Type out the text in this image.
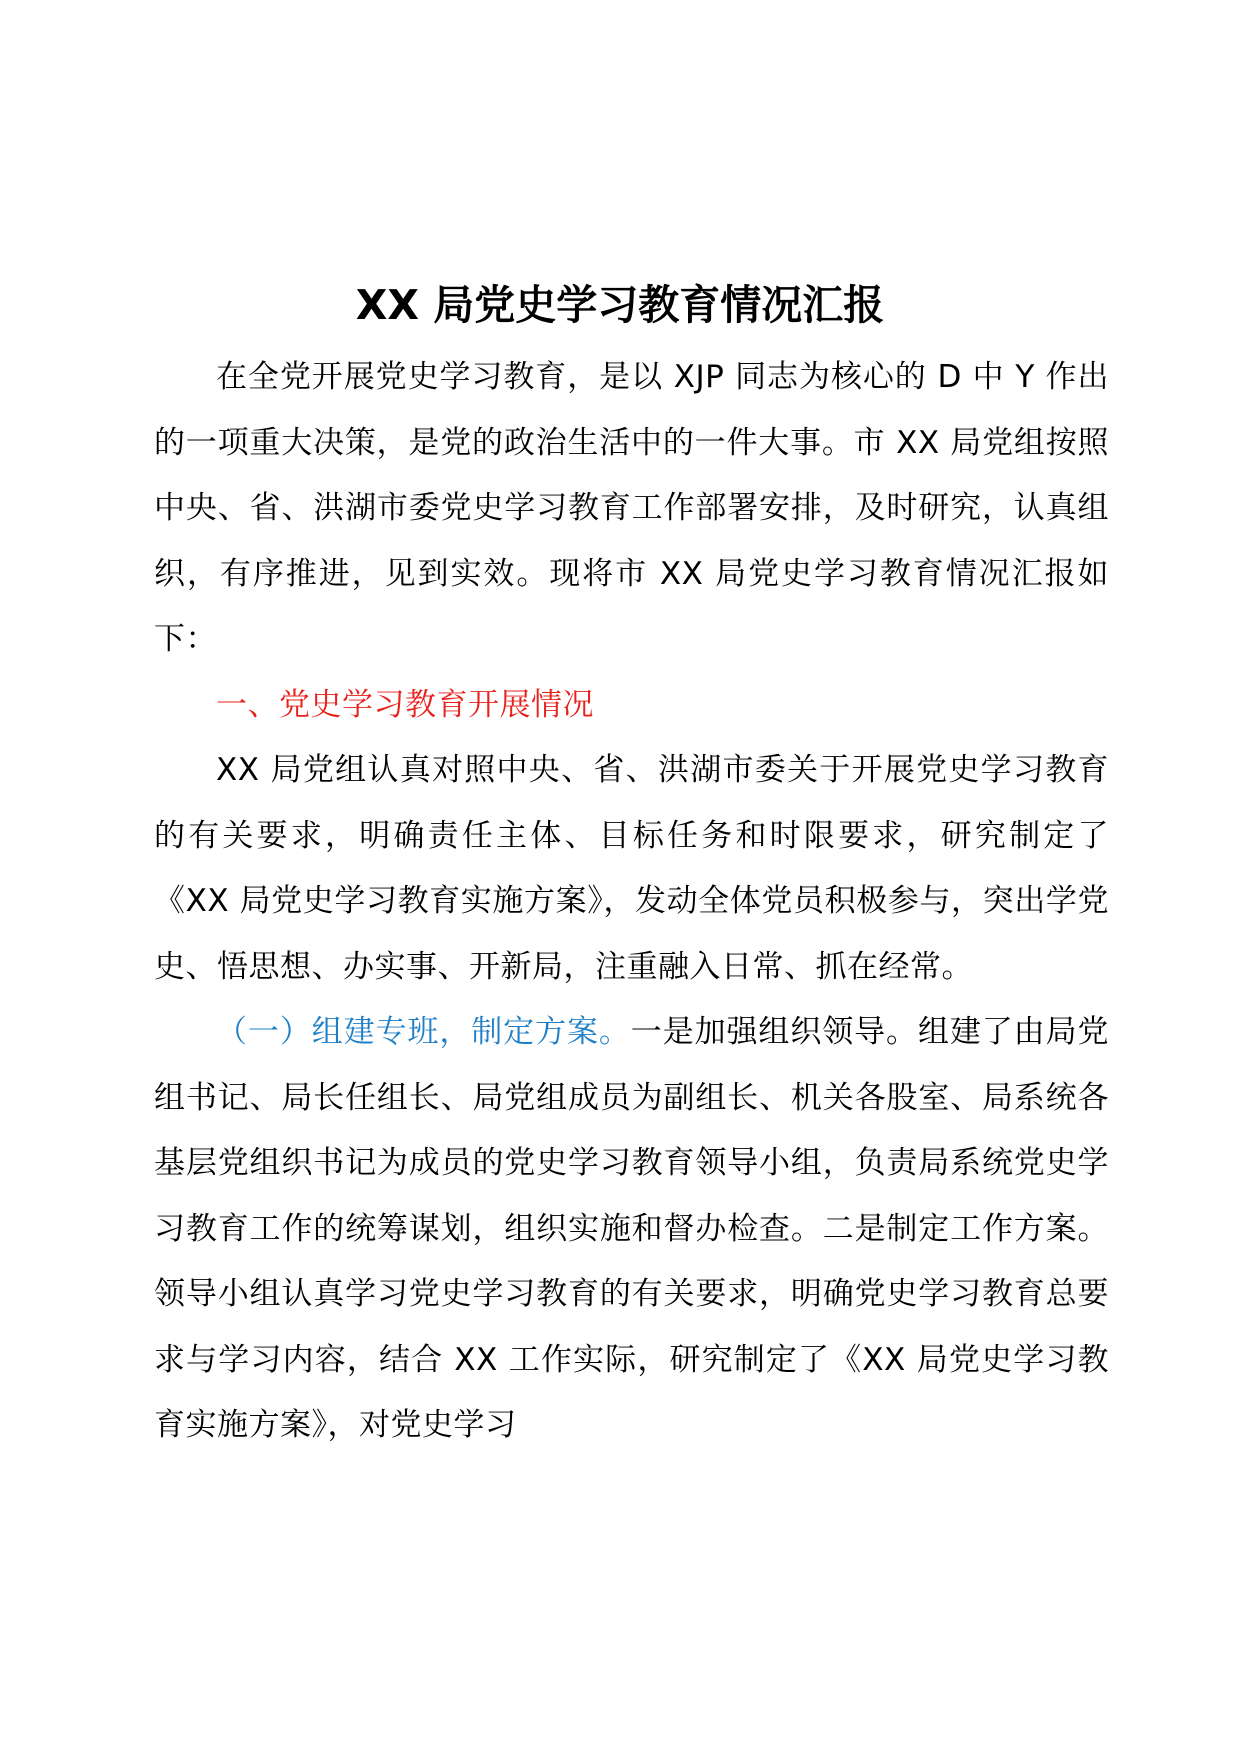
XX 局党史学习教育情况汇报

在全党开展党史学习教育，是以 XJP 同志为核心的 D 中 Y 作出的一项重大决策，是党的政治生活中的一件大事。市 XX 局党组按照中央、省、洪湖市委党史学习教育工作部署安排，及时研究，认真组织，有序推进，见到实效。现将市 XX 局党史学习教育情况汇报如下：

一、党史学习教育开展情况

XX 局党组认真对照中央、省、洪湖市委关于开展党史学习教育的有关要求，明确责任主体、目标任务和时限要求，研究制定了《XX 局党史学习教育实施方案》，发动全体党员积极参与，突出学党史、悟思想、办实事、开新局，注重融入日常、抓在经常。

（一）组建专班，制定方案。一是加强组织领导。组建了由局党组书记、局长任组长、局党组成员为副组长、机关各股室、局系统各基层党组织书记为成员的党史学习教育领导小组，负责局系统党史学习教育工作的统筹谋划，组织实施和督办检查。二是制定工作方案。领导小组认真学习党史学习教育的有关要求，明确党史学习教育总要求与学习内容，结合 XX 工作实际，研究制定了《XX 局党史学习教育实施方案》，对党史学习
